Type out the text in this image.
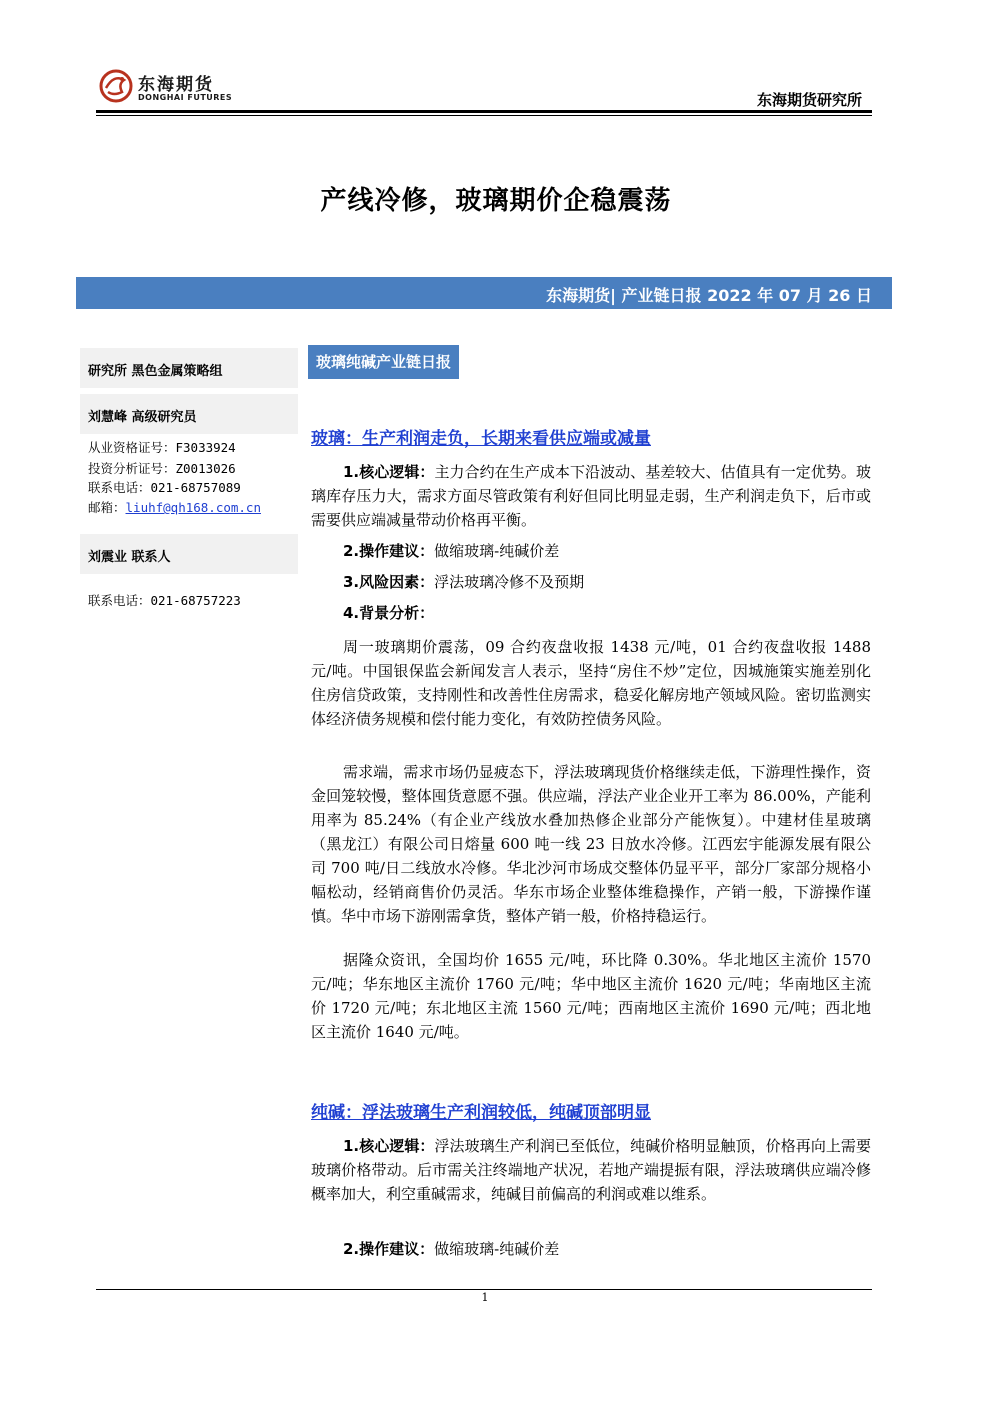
东海期货
DONGHAI FUTURES	东海期货研究所
产线冷修，玻璃期价企稳震荡
东海期货| 产业链日报 2022 年 07 月 26 日
研究所 黑色金属策略组
刘慧峰 高级研究员
从业资格证号：F3033924
投资分析证号：Z0013026
联系电话：021-68757089
邮箱：liuhf@qh168.com.cn
刘震业 联系人
联系电话：021-68757223
玻璃纯碱产业链日报
玻璃：生产利润走负，长期来看供应端或减量
1.核心逻辑：主力合约在生产成本下沿波动、基差较大、估值具有一定优势。玻璃库存压力大，需求方面尽管政策有利好但同比明显走弱，生产利润走负下，后市或需要供应端减量带动价格再平衡。
2.操作建议：做缩玻璃-纯碱价差
3.风险因素：浮法玻璃冷修不及预期
4.背景分析：
周一玻璃期价震荡，09 合约夜盘收报 1438 元/吨，01 合约夜盘收报 1488 元/吨。中国银保监会新闻发言人表示，坚持“房住不炒”定位，因城施策实施差别化住房信贷政策，支持刚性和改善性住房需求，稳妥化解房地产领域风险。密切监测实体经济债务规模和偿付能力变化，有效防控债务风险。
需求端，需求市场仍显疲态下，浮法玻璃现货价格继续走低，下游理性操作，资金回笼较慢，整体囤货意愿不强。供应端，浮法产业企业开工率为 86.00%，产能利用率为 85.24%（有企业产线放水叠加热修企业部分产能恢复）。中建材佳星玻璃（黑龙江）有限公司日熔量 600 吨一线 23 日放水冷修。江西宏宇能源发展有限公司 700 吨/日二线放水冷修。华北沙河市场成交整体仍显平平，部分厂家部分规格小幅松动，经销商售价仍灵活。华东市场企业整体维稳操作，产销一般，下游操作谨慎。华中市场下游刚需拿货，整体产销一般，价格持稳运行。
据隆众资讯，全国均价 1655 元/吨，环比降 0.30%。华北地区主流价 1570 元/吨；华东地区主流价 1760 元/吨；华中地区主流价 1620 元/吨；华南地区主流价 1720 元/吨；东北地区主流 1560 元/吨；西南地区主流价 1690 元/吨；西北地区主流价 1640 元/吨。
纯碱：浮法玻璃生产利润较低，纯碱顶部明显
1.核心逻辑：浮法玻璃生产利润已至低位，纯碱价格明显触顶，价格再向上需要玻璃价格带动。后市需关注终端地产状况，若地产端提振有限，浮法玻璃供应端冷修概率加大，利空重碱需求，纯碱目前偏高的利润或难以维系。
2.操作建议：做缩玻璃-纯碱价差
1
